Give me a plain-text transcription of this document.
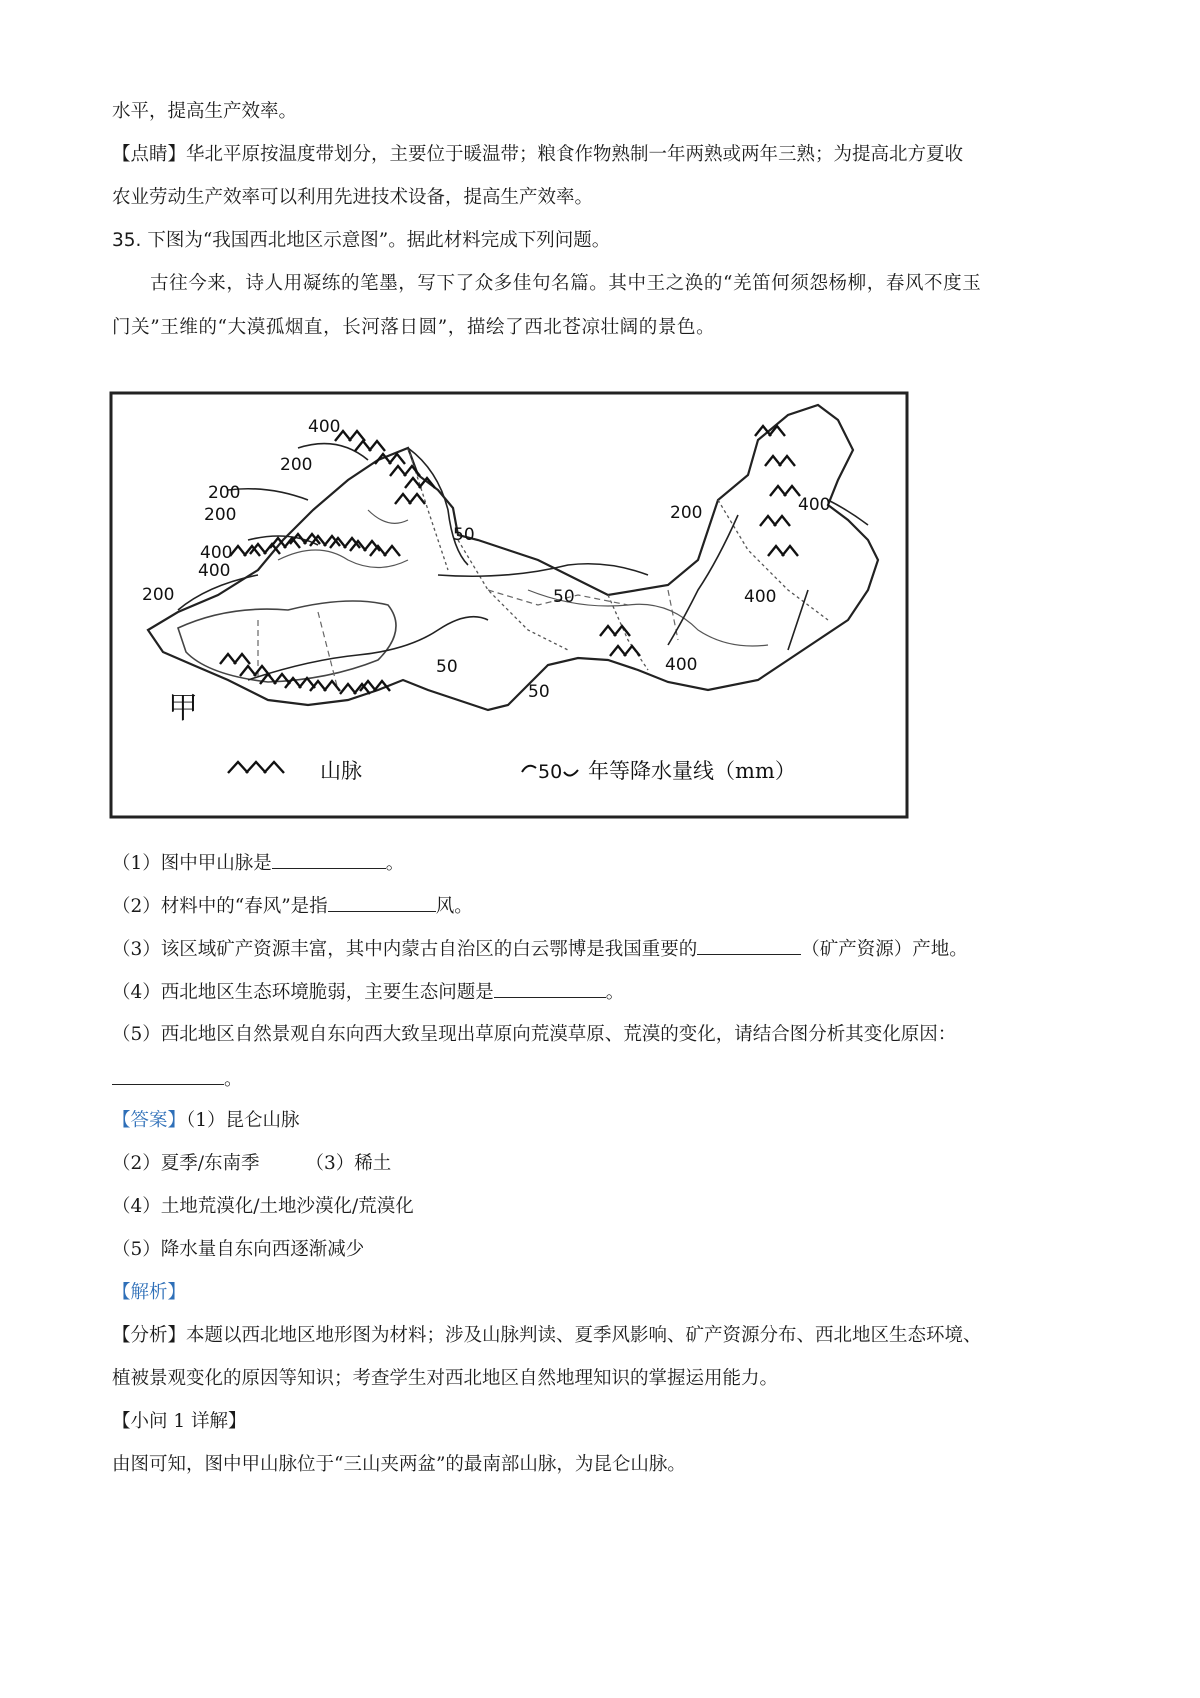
水平，提高生产效率。
【点睛】华北平原按温度带划分，主要位于暖温带；粮食作物熟制一年两熟或两年三熟；为提高北方夏收
农业劳动生产效率可以利用先进技术设备，提高生产效率。
35. 下图为“我国西北地区示意图”。据此材料完成下列问题。
古往今来，诗人用凝练的笔墨，写下了众多佳句名篇。其中王之涣的“羌笛何须怨杨柳，春风不度玉
门关”王维的“大漠孤烟直，长河落日圆”，描绘了西北苍凉壮阔的景色。
400
200
200
200
400
400
200
50
50
200	400
400
400
50
50
甲
山脉	50 年等降水量线（mm）
（1）图中甲山脉是	。
（2）材料中的“春风”是指	风。
（3）该区域矿产资源丰富，其中内蒙古自治区的白云鄂博是我国重要的	（矿产资源）产地。
（4）西北地区生态环境脆弱，主要生态问题是	。
（5）西北地区自然景观自东向西大致呈现出草原向荒漠草原、荒漠的变化，请结合图分析其变化原因：
。
【答案】（1）昆仑山脉
（2）夏季/东南季 （3）稀土
（4）土地荒漠化/土地沙漠化/荒漠化
（5）降水量自东向西逐渐减少
【解析】
【分析】本题以西北地区地形图为材料；涉及山脉判读、夏季风影响、矿产资源分布、西北地区生态环境、
植被景观变化的原因等知识；考查学生对西北地区自然地理知识的掌握运用能力。
【小问 1 详解】
由图可知，图中甲山脉位于“三山夹两盆”的最南部山脉，为昆仑山脉。
